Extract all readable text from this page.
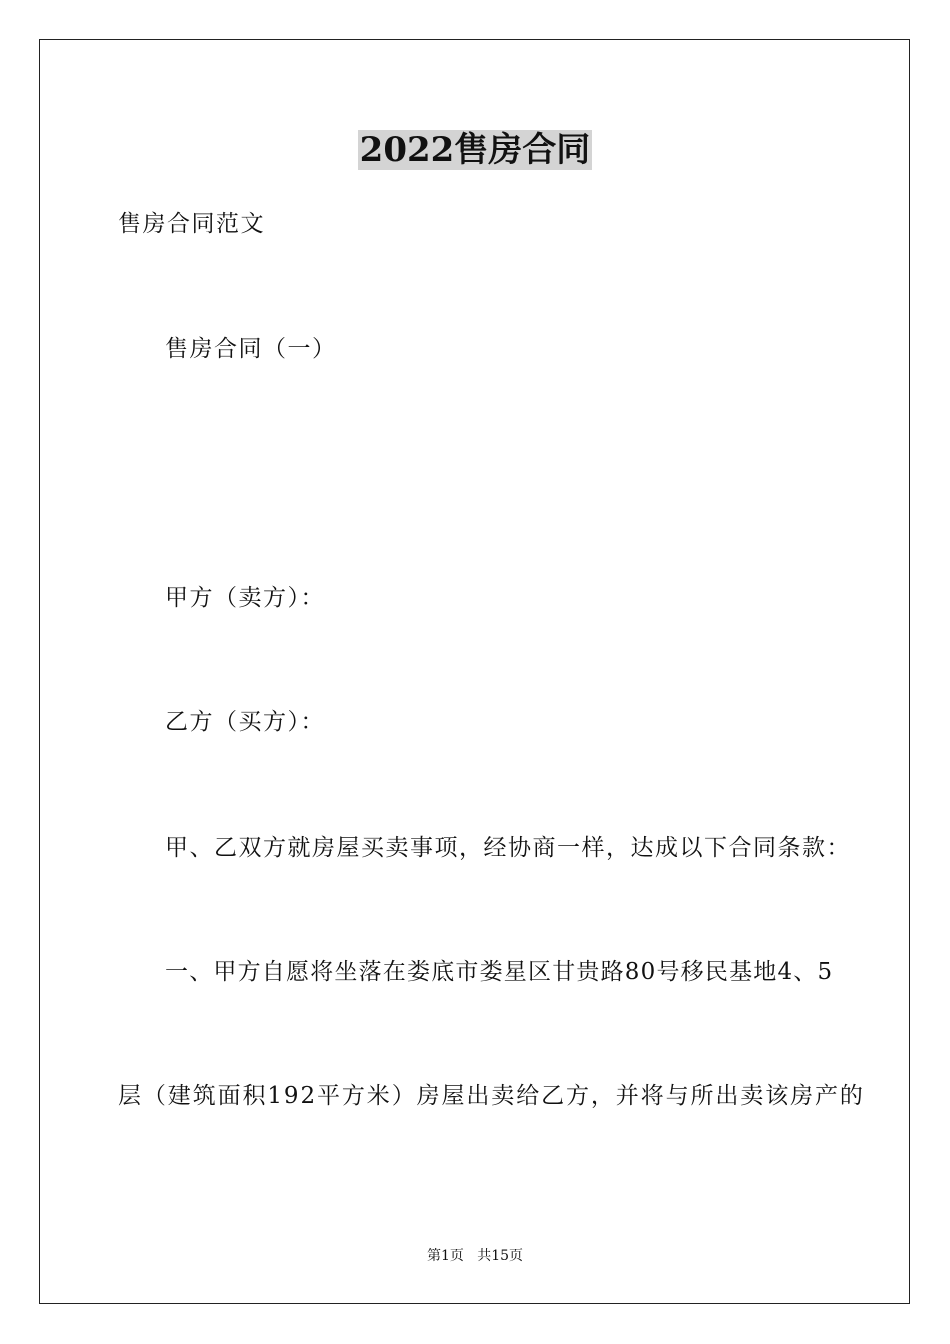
2022售房合同
售房合同范文
售房合同（一）
甲方（卖方）：
乙方（买方）：
甲、乙双方就房屋买卖事项，经协商一样，达成以下合同条款：
一、甲方自愿将坐落在娄底市娄星区甘贵路80号移民基地4、5
层（建筑面积192平方米）房屋出卖给乙方，并将与所出卖该房产的
第1页   共15页
